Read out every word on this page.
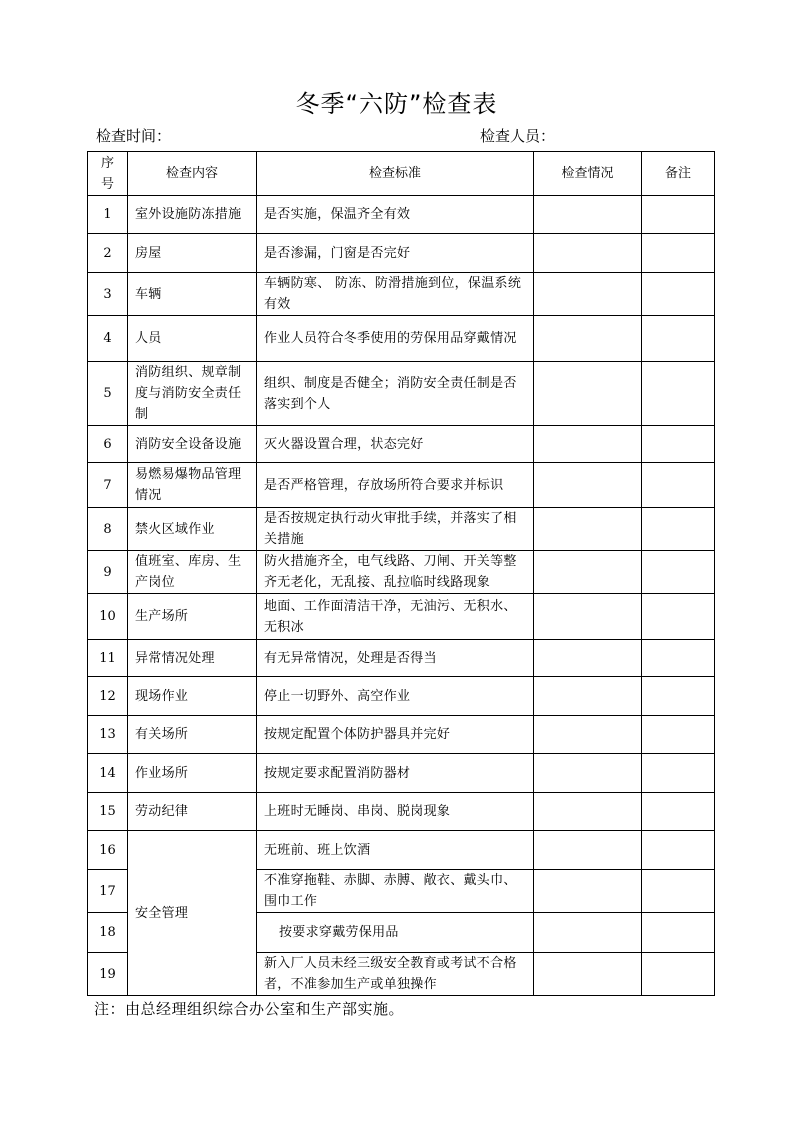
冬季“六防”检查表
检查时间：	检查人员：
序
号	检查内容	检查标准	检查情况	备注
1	室外设施防冻措施	是否实施，保温齐全有效		
2	房屋	是否渗漏，门窗是否完好		
3	车辆	车辆防寒、 防冻、防滑措施到位，保温系统有效		
4	人员	作业人员符合冬季使用的劳保用品穿戴情况		
5	消防组织、规章制度与消防安全责任制	组织、制度是否健全；消防安全责任制是否落实到个人		
6	消防安全设备设施	灭火器设置合理，状态完好		
7	易燃易爆物品管理情况	是否严格管理，存放场所符合要求并标识		
8	禁火区域作业	是否按规定执行动火审批手续，并落实了相关措施		
9	值班室、库房、生产岗位	防火措施齐全，电气线路、刀闸、开关等整齐无老化，无乱接、乱拉临时线路现象		
10	生产场所	地面、工作面清洁干净，无油污、无积水、无积冰		
11	异常情况处理	有无异常情况，处理是否得当		
12	现场作业	停止一切野外、高空作业		
13	有关场所	按规定配置个体防护器具并完好		
14	作业场所	按规定要求配置消防器材		
15	劳动纪律	上班时无睡岗、串岗、脱岗现象		
16	安全管理	无班前、班上饮酒		
17		不准穿拖鞋、赤脚、赤膊、敞衣、戴头巾、围巾工作		
18		按要求穿戴劳保用品		
19		新入厂人员未经三级安全教育或考试不合格者，不准参加生产或单独操作		
注：由总经理组织综合办公室和生产部实施。
